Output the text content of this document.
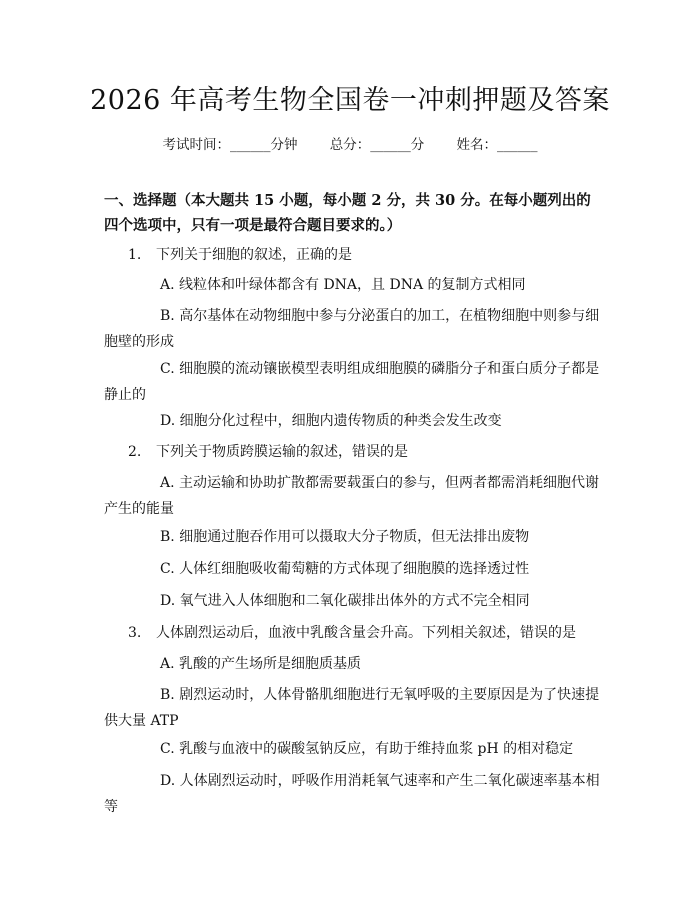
2026 年高考生物全国卷一冲刺押题及答案
考试时间：______分钟 总分：______分 姓名：______
一、选择题（本大题共 15 小题，每小题 2 分，共 30 分。在每小题列出的四个选项中，只有一项是最符合题目要求的。）
1. 下列关于细胞的叙述，正确的是
A. 线粒体和叶绿体都含有 DNA，且 DNA 的复制方式相同
B. 高尔基体在动物细胞中参与分泌蛋白的加工，在植物细胞中则参与细胞壁的形成
C. 细胞膜的流动镶嵌模型表明组成细胞膜的磷脂分子和蛋白质分子都是静止的
D. 细胞分化过程中，细胞内遗传物质的种类会发生改变
2. 下列关于物质跨膜运输的叙述，错误的是
A. 主动运输和协助扩散都需要载蛋白的参与，但两者都需消耗细胞代谢产生的能量
B. 细胞通过胞吞作用可以摄取大分子物质，但无法排出废物
C. 人体红细胞吸收葡萄糖的方式体现了细胞膜的选择透过性
D. 氧气进入人体细胞和二氧化碳排出体外的方式不完全相同
3. 人体剧烈运动后，血液中乳酸含量会升高。下列相关叙述，错误的是
A. 乳酸的产生场所是细胞质基质
B. 剧烈运动时，人体骨骼肌细胞进行无氧呼吸的主要原因是为了快速提供大量 ATP
C. 乳酸与血液中的碳酸氢钠反应，有助于维持血浆 pH 的相对稳定
D. 人体剧烈运动时，呼吸作用消耗氧气速率和产生二氧化碳速率基本相等
